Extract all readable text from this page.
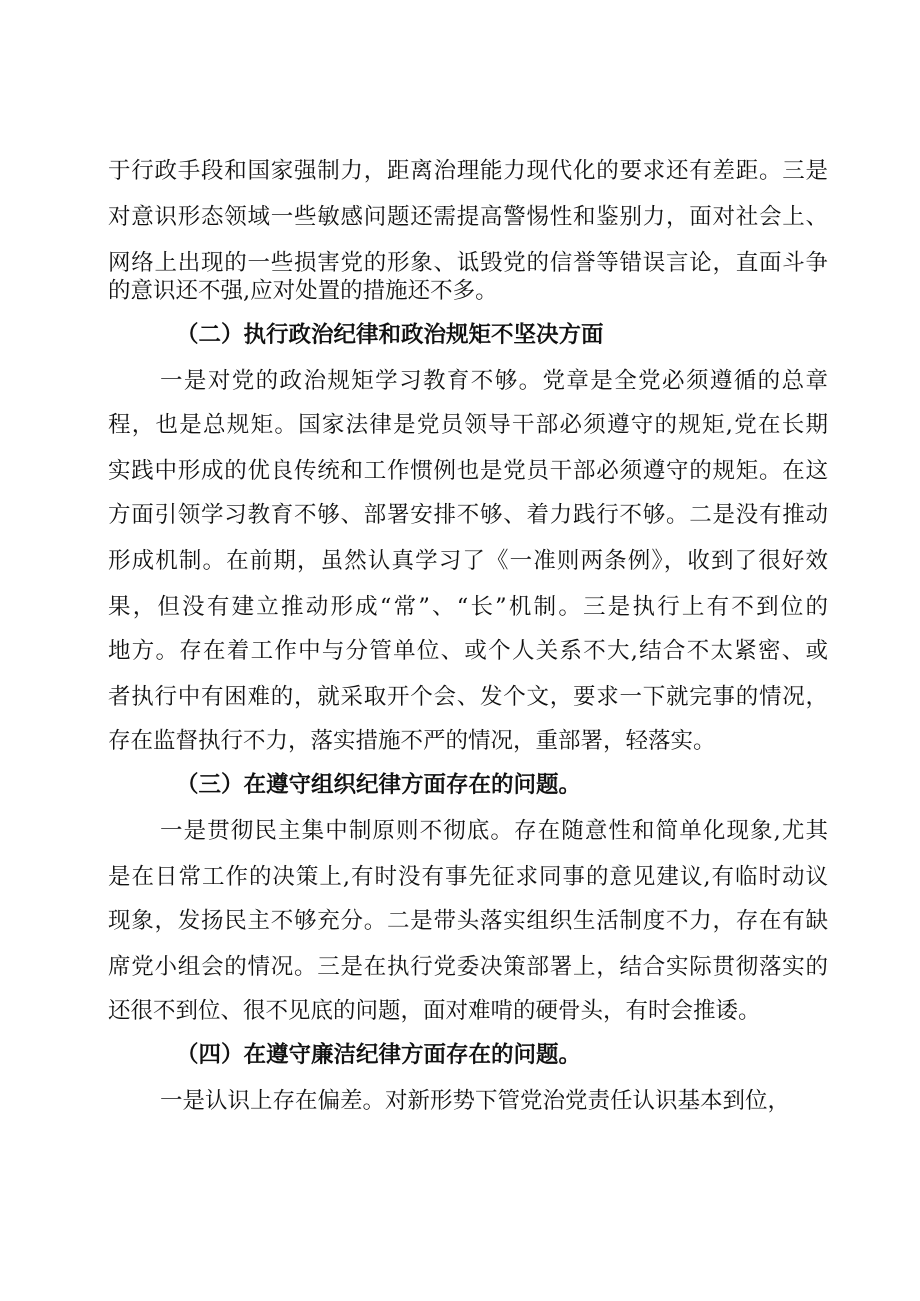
于行政手段和国家强制力，距离治理能力现代化的要求还有差距。三是
对意识形态领域一些敏感问题还需提高警惕性和鉴别力，面对社会上、
网络上出现的一些损害党的形象、诋毁党的信誉等错误言论，直面斗争
的意识还不强,应对处置的措施还不多。
（二）执行政治纪律和政治规矩不坚决方面
一是对党的政治规矩学习教育不够。党章是全党必须遵循的总章
程，也是总规矩。国家法律是党员领导干部必须遵守的规矩,党在长期
实践中形成的优良传统和工作惯例也是党员干部必须遵守的规矩。在这
方面引领学习教育不够、部署安排不够、着力践行不够。二是没有推动
形成机制。在前期，虽然认真学习了《一准则两条例》，收到了很好效
果，但没有建立推动形成“常”、“长”机制。三是执行上有不到位的
地方。存在着工作中与分管单位、或个人关系不大,结合不太紧密、或
者执行中有困难的，就采取开个会、发个文，要求一下就完事的情况，
存在监督执行不力，落实措施不严的情况，重部署，轻落实。
（三）在遵守组织纪律方面存在的问题。
一是贯彻民主集中制原则不彻底。存在随意性和简单化现象,尤其
是在日常工作的决策上,有时没有事先征求同事的意见建议,有临时动议
现象，发扬民主不够充分。二是带头落实组织生活制度不力，存在有缺
席党小组会的情况。三是在执行党委决策部署上，结合实际贯彻落实的
还很不到位、很不见底的问题，面对难啃的硬骨头，有时会推诿。
（四）在遵守廉洁纪律方面存在的问题。
一是认识上存在偏差。对新形势下管党治党责任认识基本到位，
